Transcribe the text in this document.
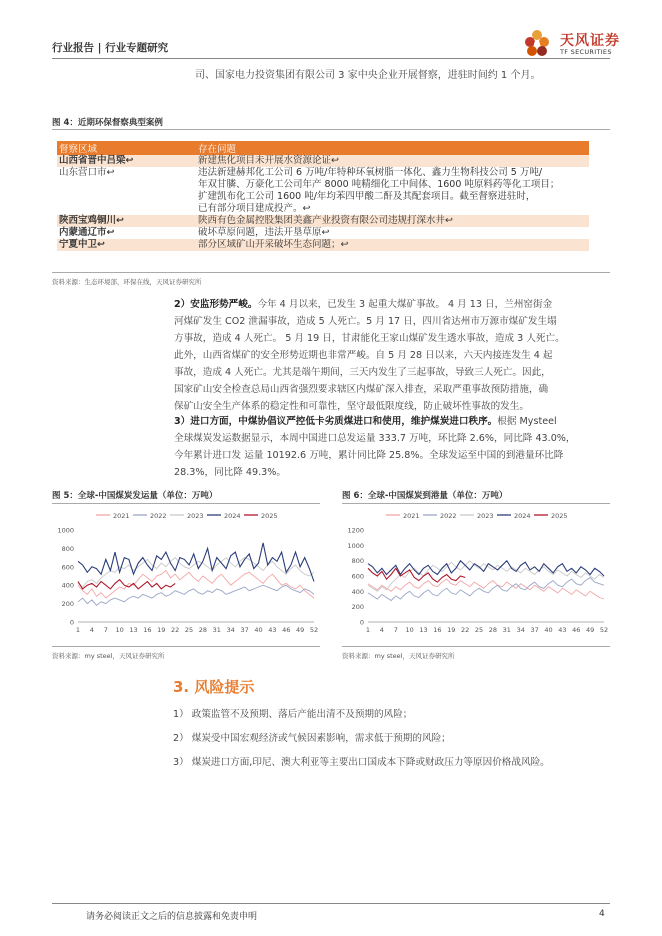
行业报告 | 行业专题研究	天风证券
TF SECURITIES
司、国家电力投资集团有限公司 3 家中央企业开展督察，进驻时间约 1 个月。
图 4：近期环保督察典型案例
督察区域	存在问题
山西省晋中吕梁↩	新建焦化项目未开展水资源论证↩

山东营口市↩	违法新建赫邦化工公司 6 万吨/年特种环氧树脂一体化、鑫力生物科技公司 5 万吨/
年双甘膦、万豪化工公司年产 8000 吨精细化工中间体、1600 吨原料药等化工项目；
扩建凯布化工公司 1600 吨/年均苯四甲酸二酐及其配套项目。截至督察进驻时，
已有部分项目建成投产。↩

陕西宝鸡铜川↩	陕西有色金属控股集团美鑫产业投资有限公司违规打深水井↩

内蒙通辽市↩	破坏草原问题，违法开垦草原↩

宁夏中卫↩	部分区域矿山开采破坏生态问题；↩
资料来源：生态环境部，环保在线，天风证券研究所
2）安监形势严峻。今年 4 月以来，已发生 3 起重大煤矿事故。 4 月 13 日，兰州窑街金
河煤矿发生 CO2 泄漏事故，造成 5 人死亡。5 月 17 日，四川省达州市万源市煤矿发生塌
方事故，造成 4 人死亡。 5 月 19 日，甘肃能化王家山煤矿发生透水事故，造成 3 人死亡。
此外，山西省煤矿的安全形势近期也非常严峻。自 5 月 28 日以来，六天内接连发生 4 起
事故，造成 4 人死亡。尤其是端午期间，三天内发生了三起事故，导致三人死亡。因此，
国家矿山安全检查总局山西省强烈要求辖区内煤矿深入排查，采取严重事故预防措施，确
保矿山安全生产体系的稳定性和可靠性，坚守最低限度线，防止破坏性事故的发生。
3）进口方面，中煤协倡议严控低卡劣质煤进口和使用，维护煤炭进口秩序。根据 Mysteel
全球煤炭发运数据显示，本周中国进口总发运量 333.7 万吨，环比降 2.6%，同比降 43.0%，
今年累计进口发 运量 10192.6 万吨，累计同比降 25.8%。全球发运至中国的到港量环比降
28.3%，同比降 49.3%。
图 5：全球-中国煤炭发运量（单位：万吨）
2021	2022	2023	2024	2025
0
200
400
600
800
1000
1 4 7 10 13 16 19 22 25 28 31 34 37 40 43 46 49 52
资料来源：my steel，天风证券研究所
图 6：全球-中国煤炭到港量（单位：万吨）
2021	2022	2023	2024	2025
0
200
400
600
800
1000
1200
1 4 7 10 13 16 19 22 25 28 31 34 37 40 43 46 49 52
资料来源：my steel，天风证券研究所
3. 风险提示
1） 政策监管不及预期、落后产能出清不及预期的风险；
2） 煤炭受中国宏观经济或气候因素影响，需求低于预期的风险；
3） 煤炭进口方面,印尼、澳大利亚等主要出口国成本下降或财政压力等原因价格战风险。
请务必阅读正文之后的信息披露和免责申明	4
